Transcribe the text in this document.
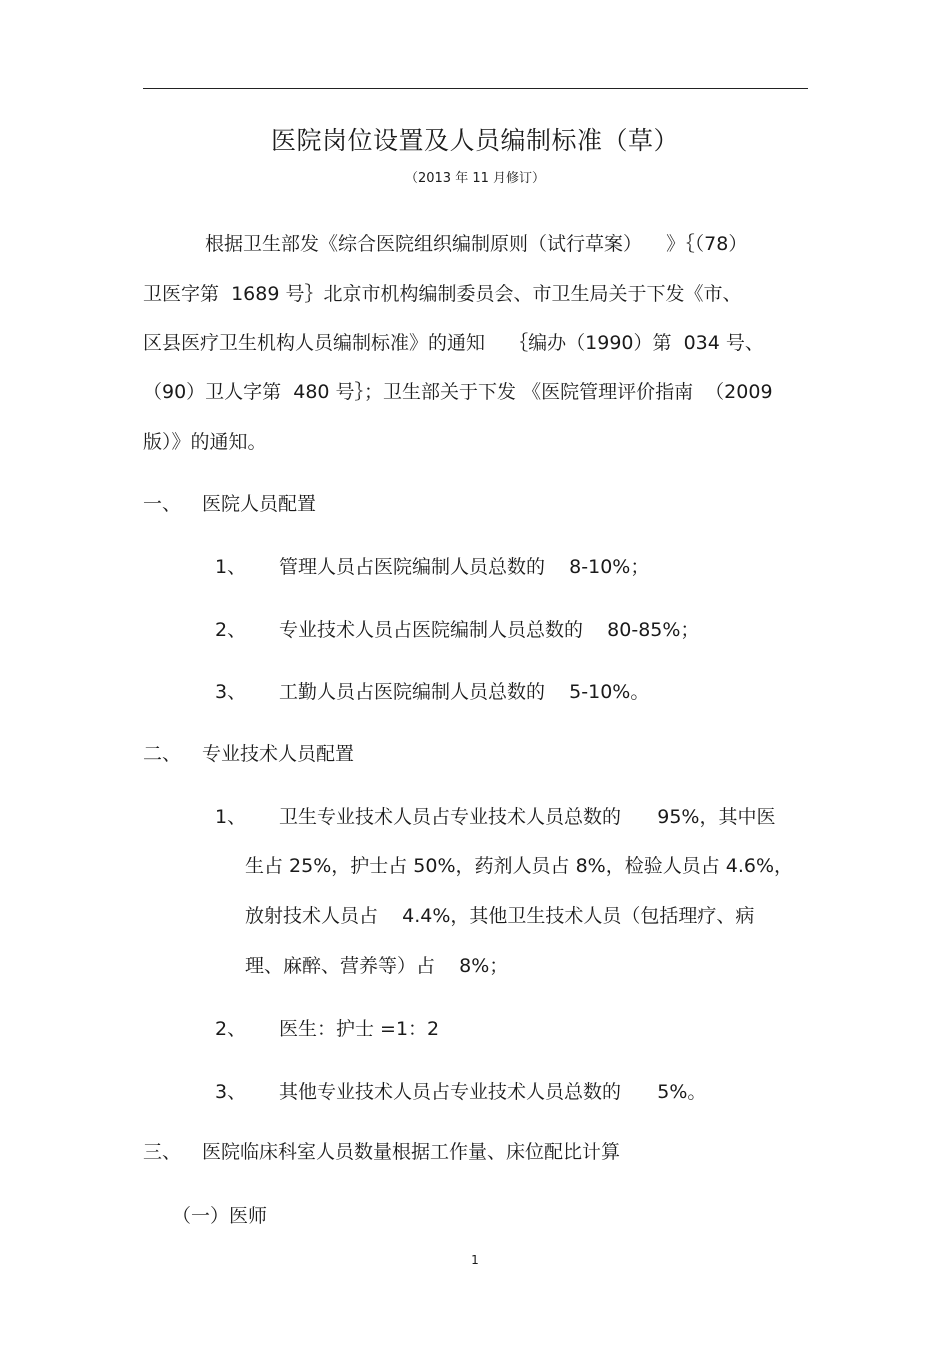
医院岗位设置及人员编制标准（草）
（2013 年 11 月修订）
根据卫生部发《综合医院组织编制原则（试行草案）    》｛（78）
卫医字第  1689 号｝北京市机构编制委员会、市卫生局关于下发《市、
区县医疗卫生机构人员编制标准》的通知    ｛编办（1990）第  034 号、
（90）卫人字第  480 号｝；卫生部关于下发 《医院管理评价指南  （2009
版）》的通知。
一、 医院人员配置
1、 管理人员占医院编制人员总数的    8-10%；
2、 专业技术人员占医院编制人员总数的    80-85%；
3、 工勤人员占医院编制人员总数的    5-10%。
二、 专业技术人员配置
1、 卫生专业技术人员占专业技术人员总数的      95%，其中医
生占 25%，护士占 50%，药剂人员占 8%，检验人员占 4.6%，
放射技术人员占    4.4%，其他卫生技术人员（包括理疗、病
理、麻醉、营养等）占    8%；
2、 医生：护士 =1：2
3、 其他专业技术人员占专业技术人员总数的      5%。
三、 医院临床科室人员数量根据工作量、床位配比计算
（一）医师
1
